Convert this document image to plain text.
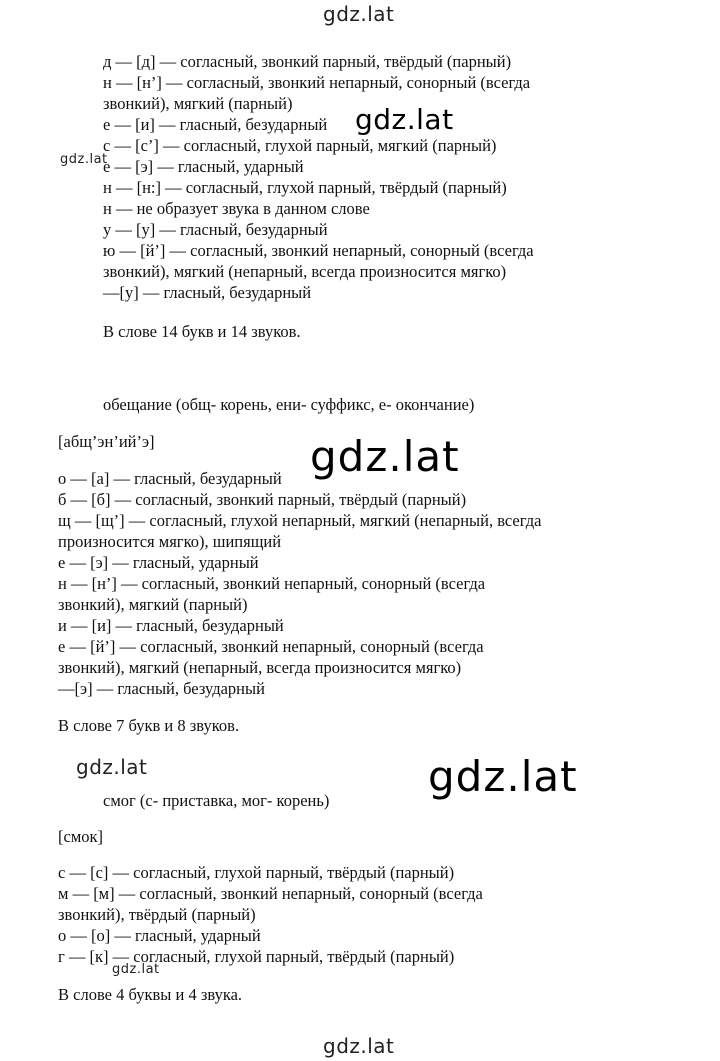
gdz.lat
gdz.lat
gdz.lat
gdz.lat
gdz.lat	gdz.lat
gdz.lat
gdz.lat
д — [д] — согласный, звонкий парный, твёрдый (парный)
н — [н’] — согласный, звонкий непарный, сонорный (всегда
звонкий), мягкий (парный)
е — [и] — гласный, безударный
с — [с’] — согласный, глухой парный, мягкий (парный)
е — [э] — гласный, ударный
н — [н:] — согласный, глухой парный, твёрдый (парный)
н — не образует звука в данном слове
у — [у] — гласный, безударный
ю — [й’] — согласный, звонкий непарный, сонорный (всегда
звонкий), мягкий (непарный, всегда произносится мягко)
—[у] — гласный, безударный
В слове 14 букв и 14 звуков.
обещание (общ- корень, ени- суффикс, е- окончание)
[абщ’эн’ий’э]
о — [а] — гласный, безударный
б — [б] — согласный, звонкий парный, твёрдый (парный)
щ — [щ’] — согласный, глухой непарный, мягкий (непарный, всегда
произносится мягко), шипящий
е — [э] — гласный, ударный
н — [н’] — согласный, звонкий непарный, сонорный (всегда
звонкий), мягкий (парный)
и — [и] — гласный, безударный
е — [й’] — согласный, звонкий непарный, сонорный (всегда
звонкий), мягкий (непарный, всегда произносится мягко)
—[э] — гласный, безударный
В слове 7 букв и 8 звуков.
смог (с- приставка, мог- корень)
[смок]
с — [с] — согласный, глухой парный, твёрдый (парный)
м — [м] — согласный, звонкий непарный, сонорный (всегда
звонкий), твёрдый (парный)
о — [о] — гласный, ударный
г — [к] — согласный, глухой парный, твёрдый (парный)
В слове 4 буквы и 4 звука.
